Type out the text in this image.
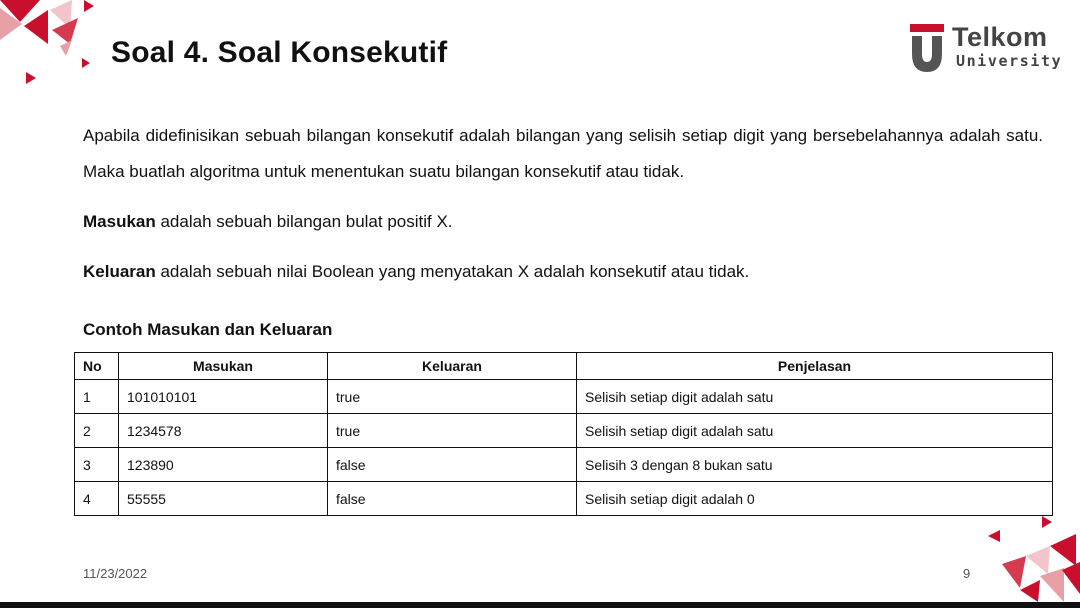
Soal 4. Soal Konsekutif	Telkom
University
Apabila didefinisikan sebuah bilangan konsekutif adalah bilangan yang selisih setiap digit yang bersebelahannya adalah satu. Maka buatlah algoritma untuk menentukan suatu bilangan konsekutif atau tidak.
Masukan adalah sebuah bilangan bulat positif X.
Keluaran adalah sebuah nilai Boolean yang menyatakan X adalah konsekutif atau tidak.
Contoh Masukan dan Keluaran
No	Masukan	Keluaran	Penjelasan
1	101010101	true	Selisih setiap digit adalah satu
2	1234578	true	Selisih setiap digit adalah satu
3	123890	false	Selisih 3 dengan 8 bukan satu
4	55555	false	Selisih setiap digit adalah 0
11/23/2022	9
